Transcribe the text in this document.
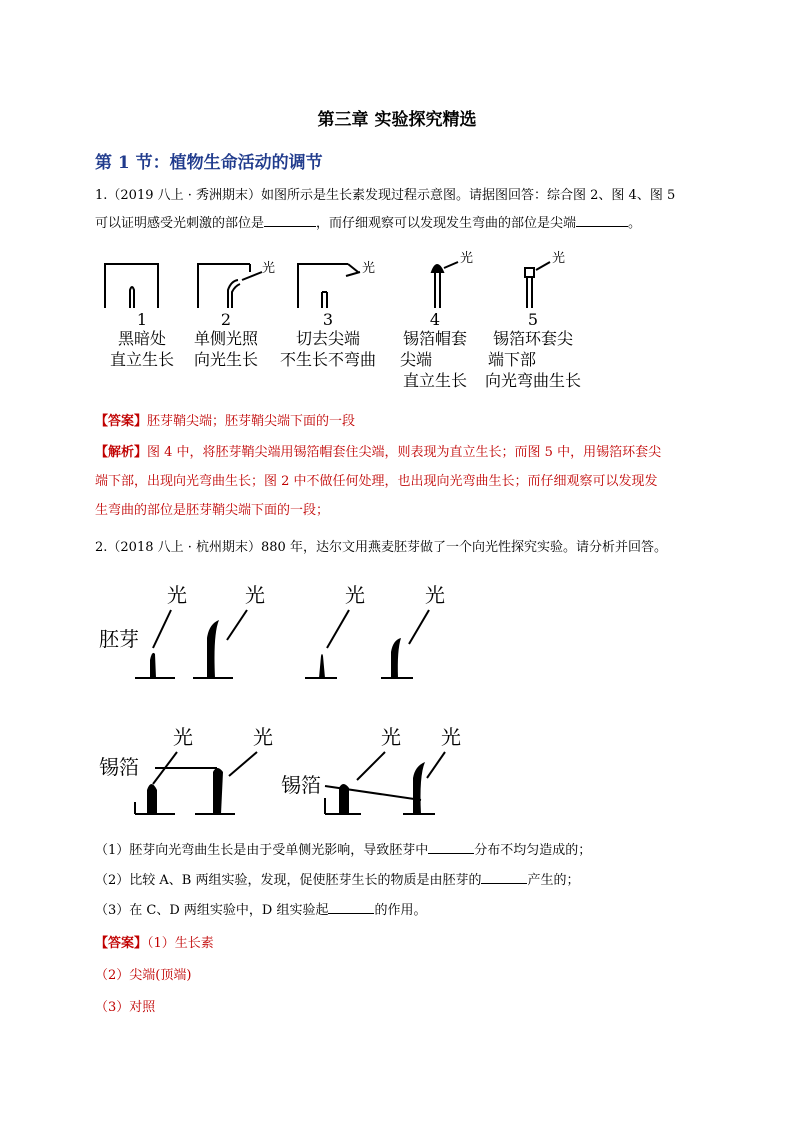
第三章 实验探究精选
第 1 节：植物生命活动的调节
1.（2019 八上 · 秀洲期末）如图所示是生长素发现过程示意图。请据图回答：综合图 2、图 4、图 5
可以证明感受光刺激的部位是	，而仔细观察可以发现发生弯曲的部位是尖端	。
光	光
光	光
1
黑暗处
直立生长
2
单侧光照
向光生长
3
切去尖端
不生长不弯曲
4
锡箔帽套
尖端
直立生长
5
锡箔环套尖
端下部
向光弯曲生长
【答案】胚芽鞘尖端；胚芽鞘尖端下面的一段
【解析】图 4 中，将胚芽鞘尖端用锡箔帽套住尖端，则表现为直立生长；而图 5 中，用锡箔环套尖
端下部，出现向光弯曲生长；图 2 中不做任何处理，也出现向光弯曲生长；而仔细观察可以发现发
生弯曲的部位是胚芽鞘尖端下面的一段；
2.（2018 八上 · 杭州期末）880 年，达尔文用燕麦胚芽做了一个向光性探究实验。请分析并回答。
光	光	光	光
胚芽
光	光	光 光
锡箔
锡箔
（1）胚芽向光弯曲生长是由于受单侧光影响，导致胚芽中	分布不均匀造成的；
（2）比较 A、B 两组实验，发现，促使胚芽生长的物质是由胚芽的	产生的；
（3）在 C、D 两组实验中，D 组实验起	的作用。
【答案】（1）生长素
（2）尖端(顶端)
（3）对照
